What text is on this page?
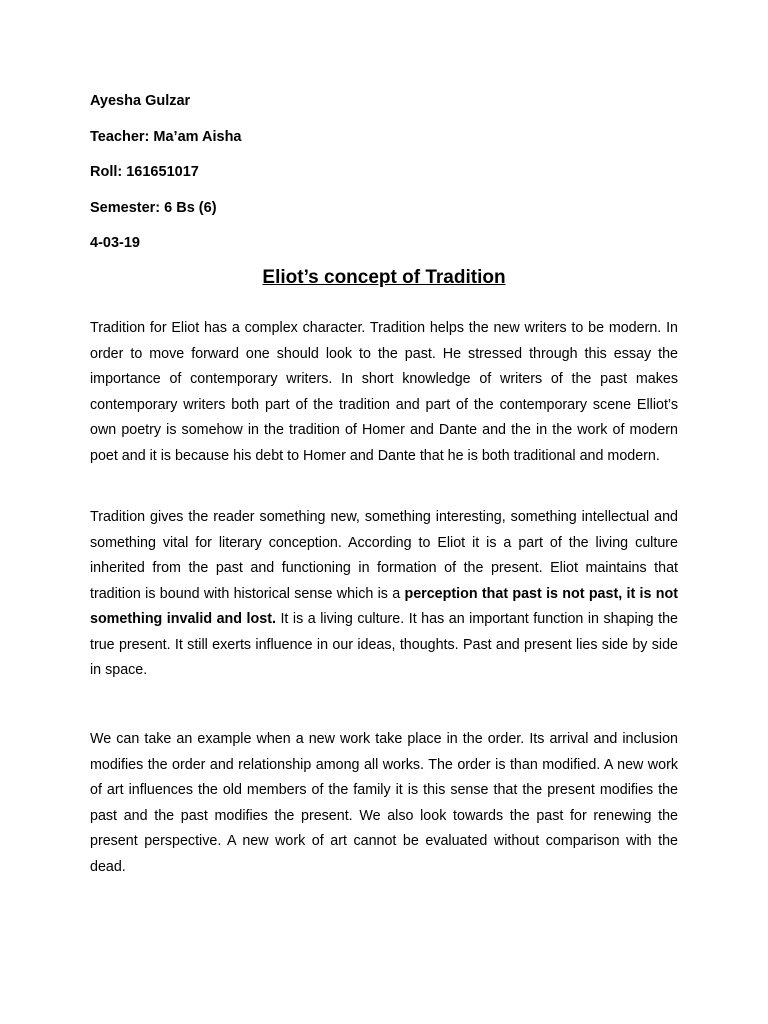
Ayesha Gulzar
Teacher: Ma’am Aisha
Roll: 161651017
Semester: 6 Bs (6)
4-03-19
Eliot’s concept of Tradition

Tradition for Eliot has a complex character. Tradition helps the new writers to be modern. In order to move forward one should look to the past. He stressed through this essay the importance of contemporary writers. In short knowledge of writers of the past makes contemporary writers both part of the tradition and part of the contemporary scene Elliot’s own poetry is somehow in the tradition of Homer and Dante and the in the work of modern poet and it is because his debt to Homer and Dante that he is both traditional and modern.

Tradition gives the reader something new, something interesting, something intellectual and something vital for literary conception. According to Eliot it is a part of the living culture inherited from the past and functioning in formation of the present. Eliot maintains that tradition is bound with historical sense which is a perception that past is not past, it is not something invalid and lost. It is a living culture. It has an important function in shaping the true present. It still exerts influence in our ideas, thoughts. Past and present lies side by side in space.

We can take an example when a new work take place in the order. Its arrival and inclusion modifies the order and relationship among all works. The order is than modified. A new work of art influences the old members of the family it is this sense that the present modifies the past and the past modifies the present. We also look towards the past for renewing the present perspective. A new work of art cannot be evaluated without comparison with the dead.
